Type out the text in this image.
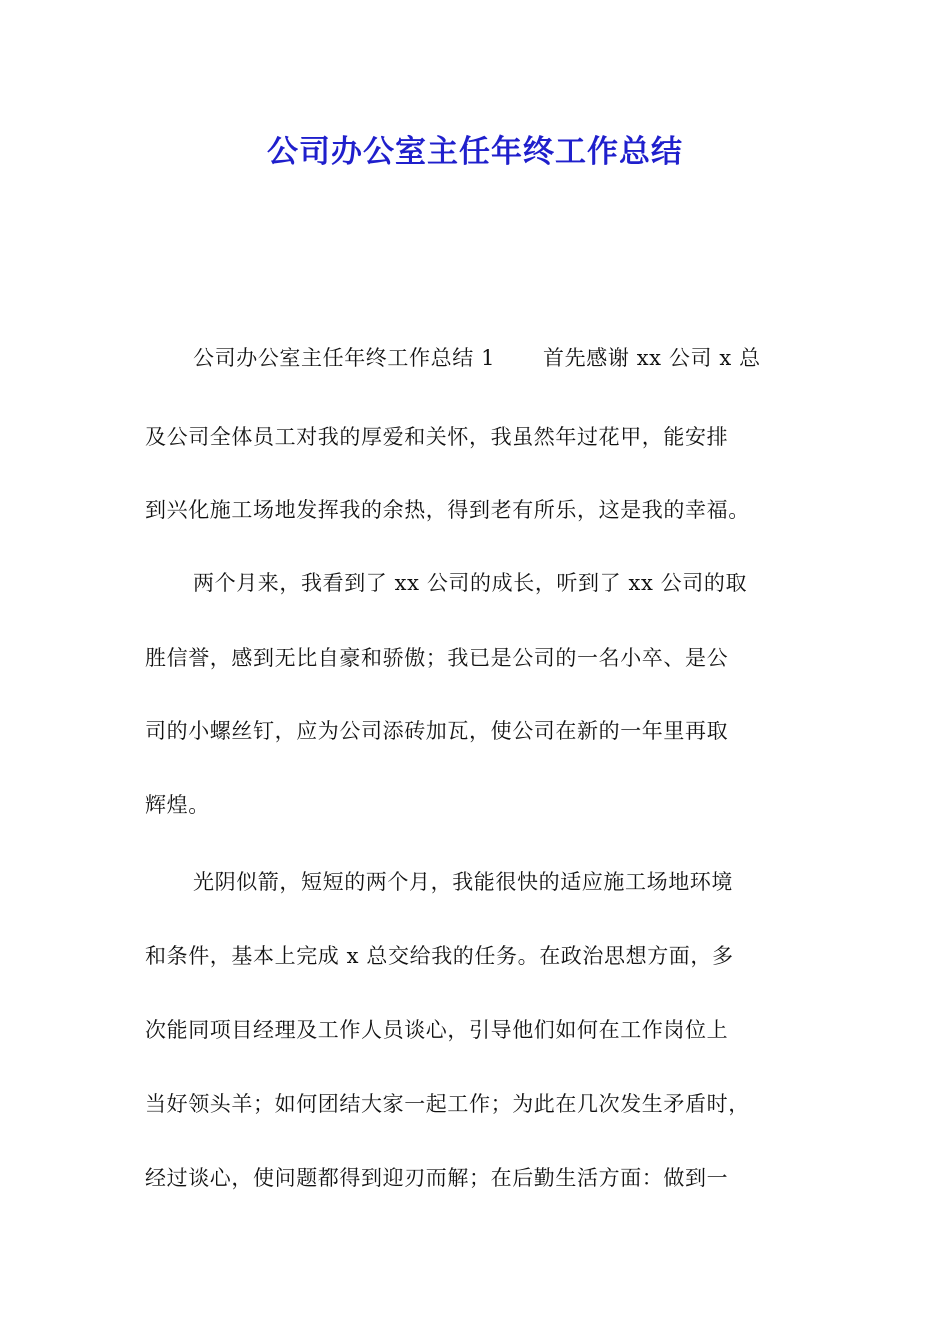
公司办公室主任年终工作总结
公司办公室主任年终工作总结 1 首先感谢 xx 公司 x 总
及公司全体员工对我的厚爱和关怀，我虽然年过花甲，能安排
到兴化施工场地发挥我的余热，得到老有所乐，这是我的幸福。
两个月来，我看到了 xx 公司的成长，听到了 xx 公司的取
胜信誉，感到无比自豪和骄傲；我已是公司的一名小卒、是公
司的小螺丝钉，应为公司添砖加瓦，使公司在新的一年里再取
辉煌。
光阴似箭，短短的两个月，我能很快的适应施工场地环境
和条件，基本上完成 x 总交给我的任务。在政治思想方面，多
次能同项目经理及工作人员谈心，引导他们如何在工作岗位上
当好领头羊；如何团结大家一起工作；为此在几次发生矛盾时，
经过谈心，使问题都得到迎刃而解；在后勤生活方面：做到一
